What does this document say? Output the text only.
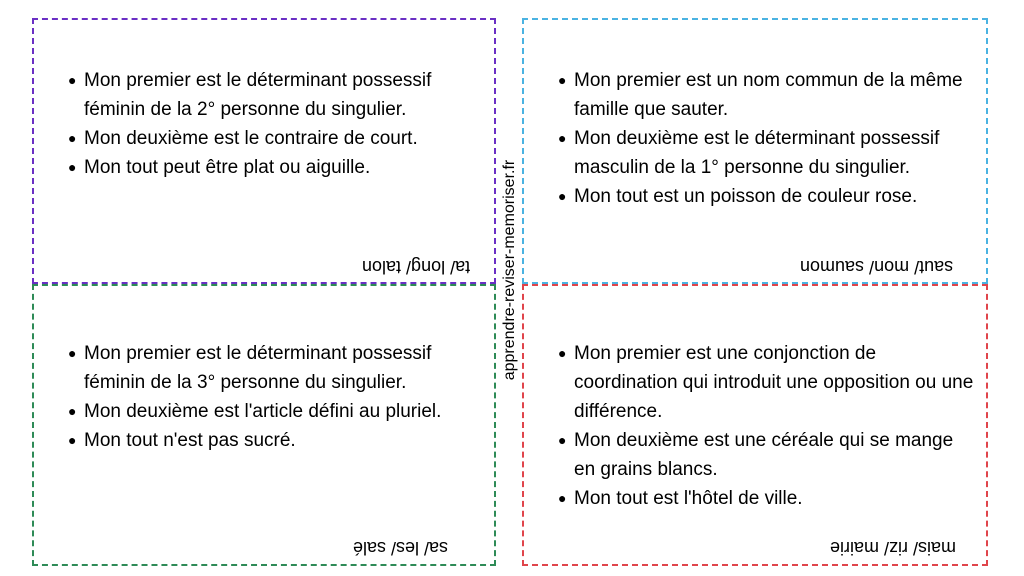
● Mon premier est le déterminant possessif féminin de la 2° personne du singulier.
● Mon deuxième est le contraire de court.
● Mon tout peut être plat ou aiguille.
ta/ long/ talon
● Mon premier est un nom commun de la même famille que sauter.
● Mon deuxième est le déterminant possessif masculin de la 1° personne du singulier.
● Mon tout est un poisson de couleur rose.
saut/ mon/ saumon
● Mon premier est le déterminant possessif féminin de la 3° personne du singulier.
● Mon deuxième est l'article défini au pluriel.
● Mon tout n'est pas sucré.
sa/ les/ salé
● Mon premier est une conjonction de coordination qui introduit une opposition ou une différence.
● Mon deuxième est une céréale qui se mange en grains blancs.
● Mon tout est l'hôtel de ville.
mais/ riz/ mairie
apprendre-reviser-memoriser.fr
